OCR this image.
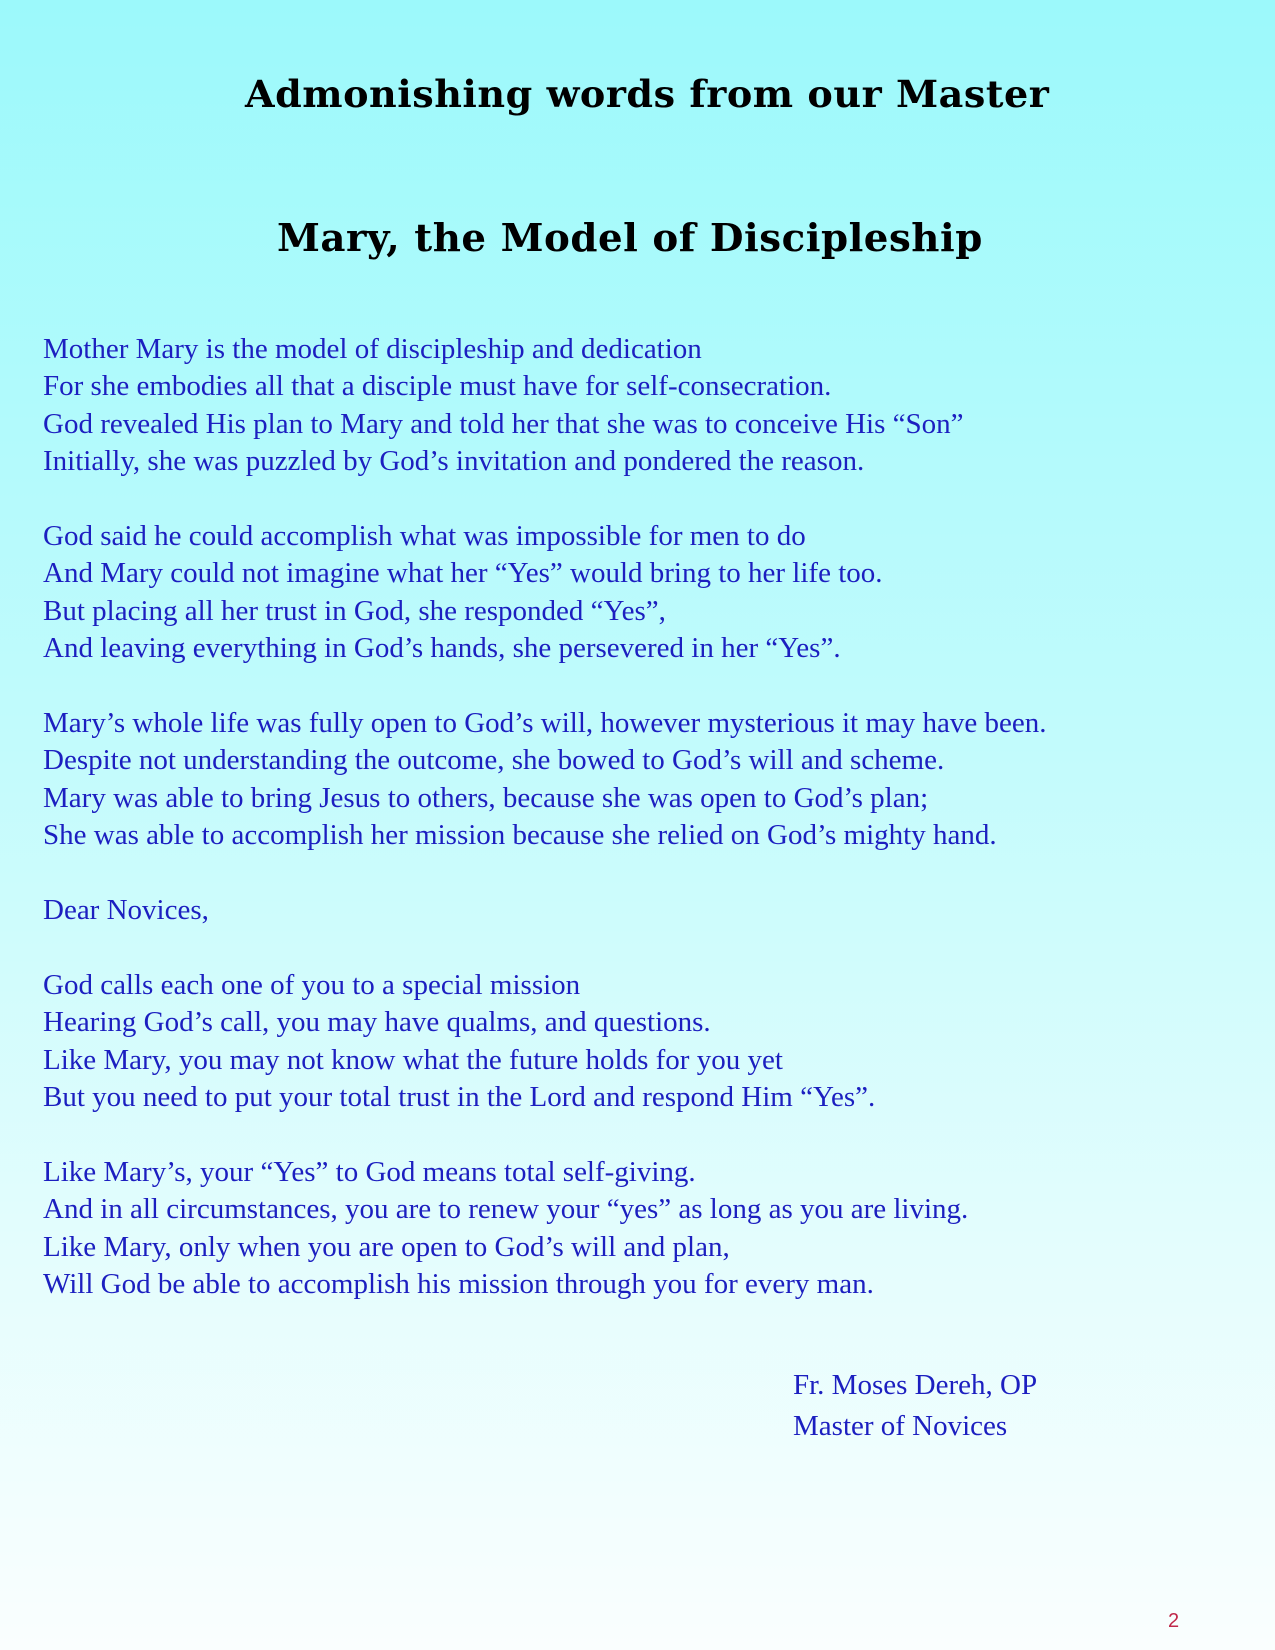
Admonishing words from our Master
Mary, the Model of Discipleship

Mother Mary is the model of discipleship and dedication
For she embodies all that a disciple must have for self-consecration.
God revealed His plan to Mary and told her that she was to conceive His “Son”
Initially, she was puzzled by God’s invitation and pondered the reason.

God said he could accomplish what was impossible for men to do
And Mary could not imagine what her “Yes” would bring to her life too.
But placing all her trust in God, she responded “Yes”,
And leaving everything in God’s hands, she persevered in her “Yes”.

Mary’s whole life was fully open to God’s will, however mysterious it may have been.
Despite not understanding the outcome, she bowed to God’s will and scheme.
Mary was able to bring Jesus to others, because she was open to God’s plan;
She was able to accomplish her mission because she relied on God’s mighty hand.

Dear Novices,

God calls each one of you to a special mission
Hearing God’s call, you may have qualms, and questions.
Like Mary, you may not know what the future holds for you yet
But you need to put your total trust in the Lord and respond Him “Yes”.

Like Mary’s, your “Yes” to God means total self-giving.
And in all circumstances, you are to renew your “yes” as long as you are living.
Like Mary, only when you are open to God’s will and plan,
Will God be able to accomplish his mission through you for every man.

Fr. Moses Dereh, OP
Master of Novices
2
